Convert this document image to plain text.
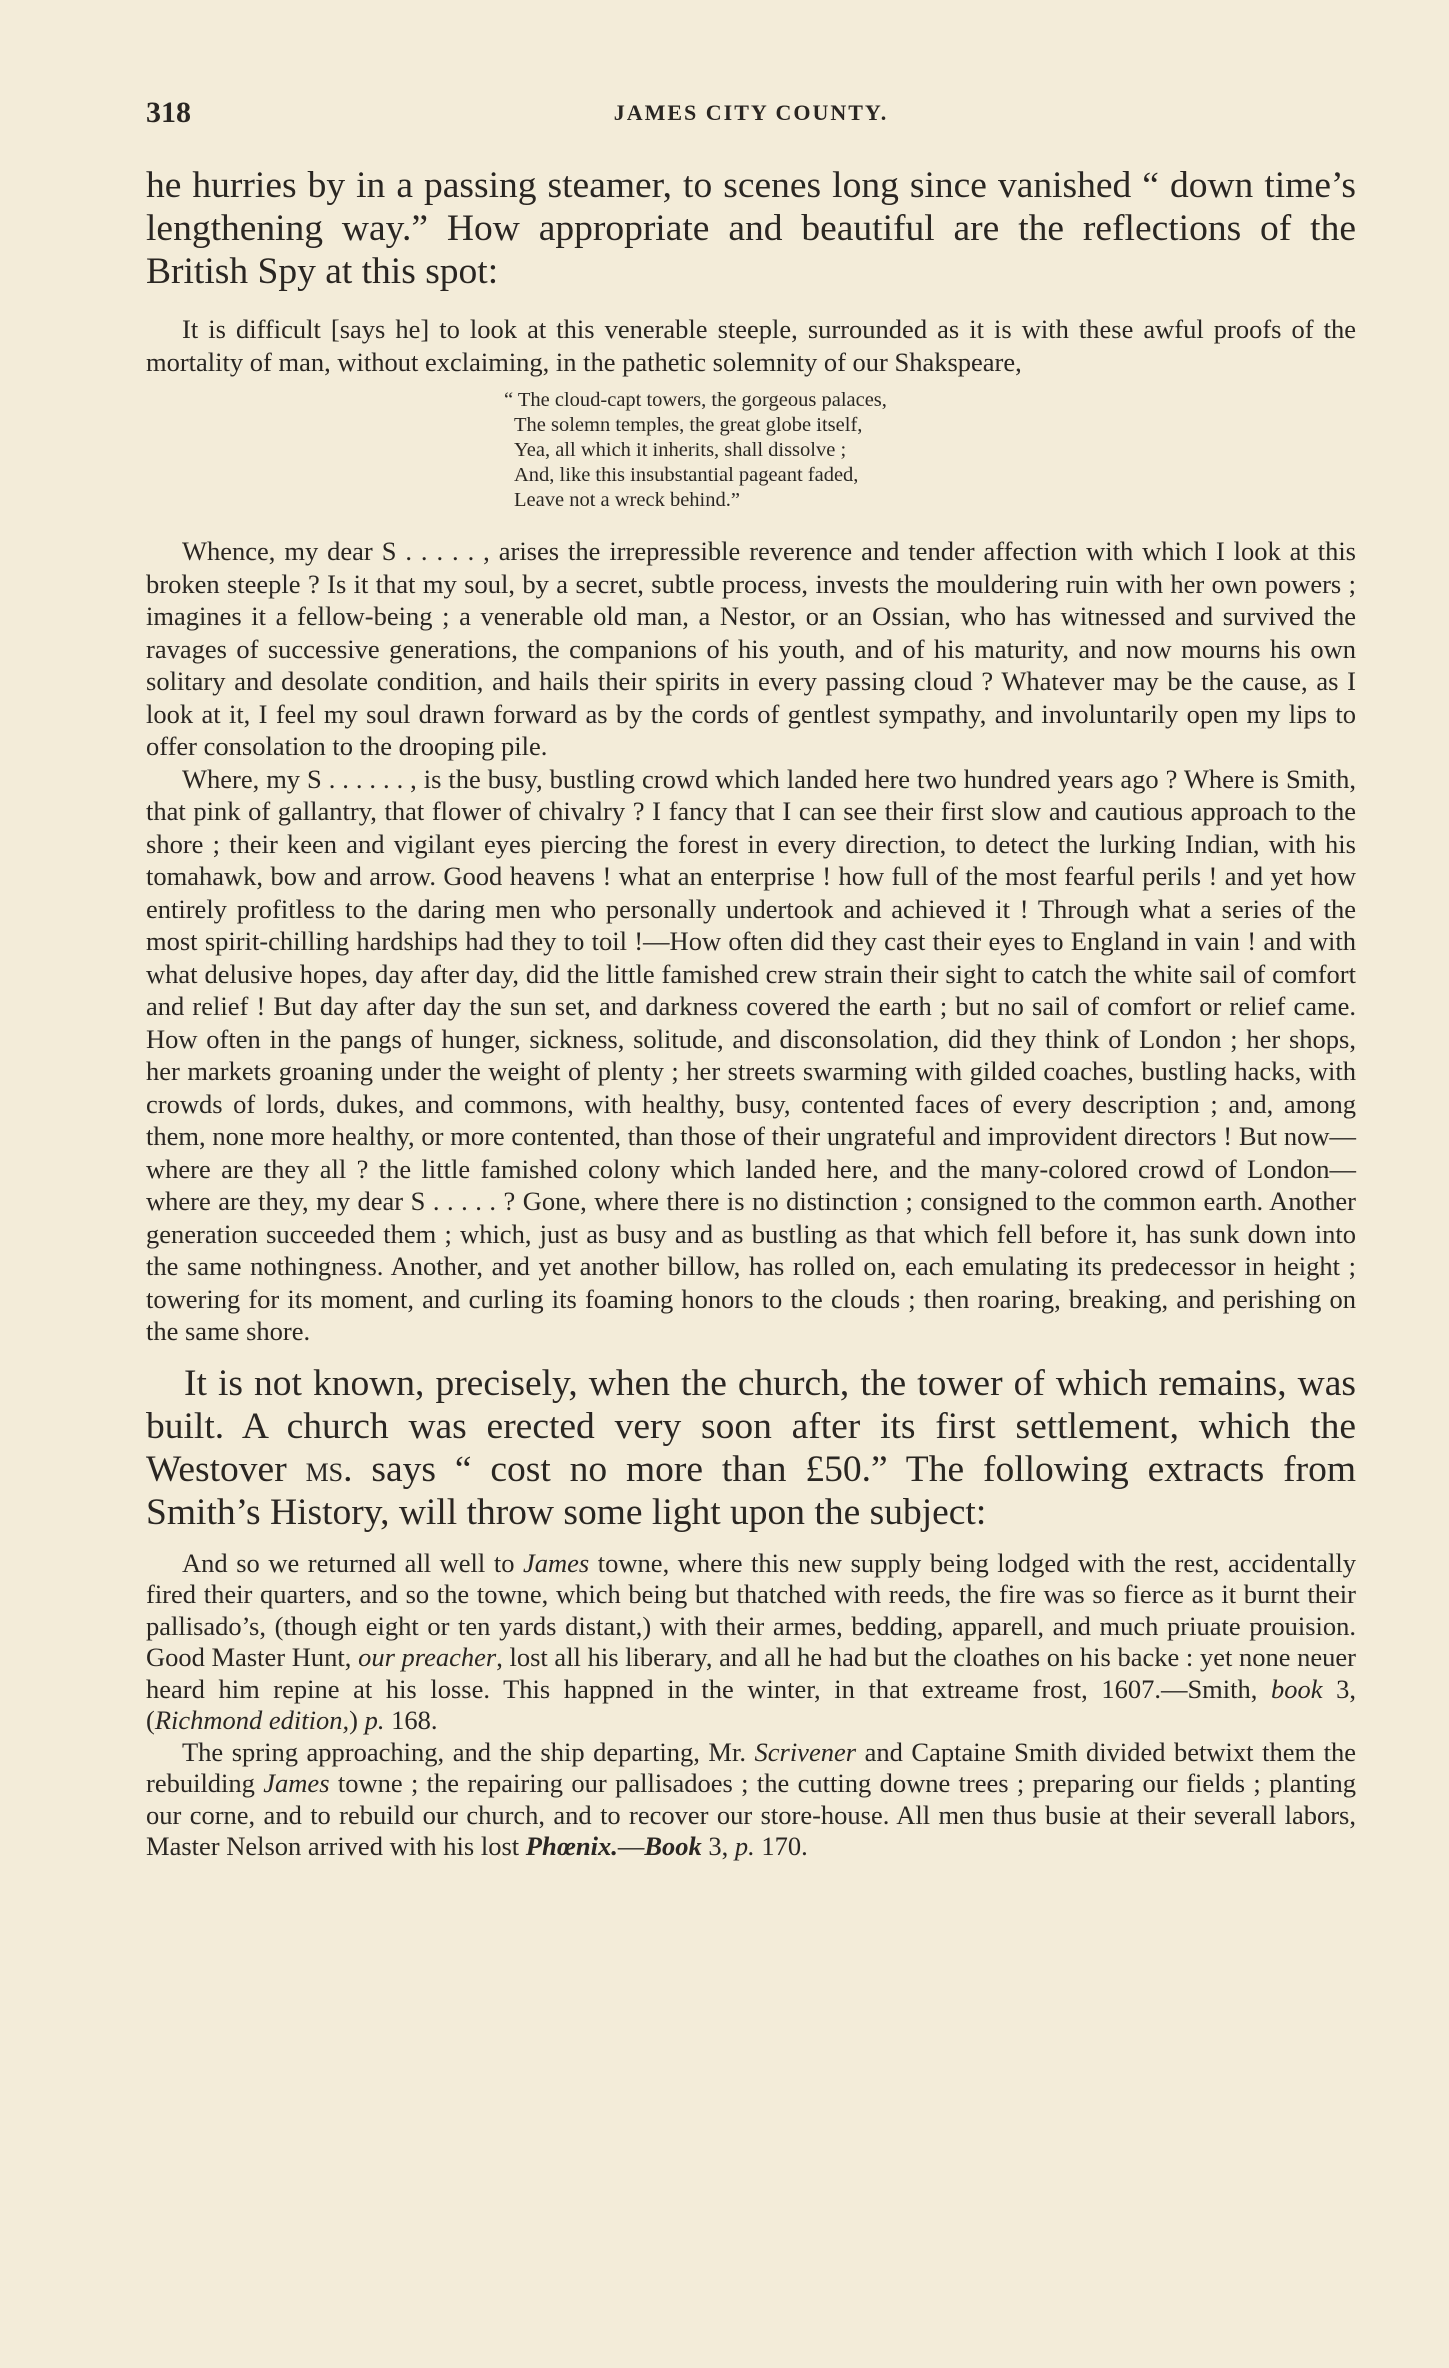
318	JAMES CITY COUNTY.

he hurries by in a passing steamer, to scenes long since vanished “ down time’s lengthening way.” How appropriate and beautiful are the reflections of the British Spy at this spot:

It is difficult [says he] to look at this venerable steeple, surrounded as it is with these awful proofs of the mortality of man, without exclaiming, in the pathetic solemnity of our Shakspeare,

“ The cloud-capt towers, the gorgeous palaces,
The solemn temples, the great globe itself,
Yea, all which it inherits, shall dissolve ;
And, like this insubstantial pageant faded,
Leave not a wreck behind.”

Whence, my dear S . . . . . , arises the irrepressible reverence and tender affection with which I look at this broken steeple ? Is it that my soul, by a secret, subtle process, invests the mouldering ruin with her own powers ; imagines it a fellow-being ; a venerable old man, a Nestor, or an Ossian, who has witnessed and survived the ravages of successive generations, the companions of his youth, and of his maturity, and now mourns his own solitary and desolate condition, and hails their spirits in every passing cloud ? Whatever may be the cause, as I look at it, I feel my soul drawn forward as by the cords of gentlest sympathy, and involuntarily open my lips to offer consolation to the drooping pile.

Where, my S . . . . . . , is the busy, bustling crowd which landed here two hundred years ago ? Where is Smith, that pink of gallantry, that flower of chivalry ? I fancy that I can see their first slow and cautious approach to the shore ; their keen and vigilant eyes piercing the forest in every direction, to detect the lurking Indian, with his tomahawk, bow and arrow. Good heavens ! what an enterprise ! how full of the most fearful perils ! and yet how entirely profitless to the daring men who personally undertook and achieved it ! Through what a series of the most spirit-chilling hardships had they to toil !—How often did they cast their eyes to England in vain ! and with what delusive hopes, day after day, did the little famished crew strain their sight to catch the white sail of comfort and relief ! But day after day the sun set, and darkness covered the earth ; but no sail of comfort or relief came. How often in the pangs of hunger, sickness, solitude, and disconsolation, did they think of London ; her shops, her markets groaning under the weight of plenty ; her streets swarming with gilded coaches, bustling hacks, with crowds of lords, dukes, and commons, with healthy, busy, contented faces of every description ; and, among them, none more healthy, or more contented, than those of their ungrateful and improvident directors ! But now—where are they all ? the little famished colony which landed here, and the many-colored crowd of London—where are they, my dear S . . . . . ? Gone, where there is no distinction ; consigned to the common earth. Another generation succeeded them ; which, just as busy and as bustling as that which fell before it, has sunk down into the same nothingness. Another, and yet another billow, has rolled on, each emulating its predecessor in height ; towering for its moment, and curling its foaming honors to the clouds ; then roaring, breaking, and perishing on the same shore.

It is not known, precisely, when the church, the tower of which remains, was built. A church was erected very soon after its first settlement, which the Westover ms. says “ cost no more than £50.” The following extracts from Smith’s History, will throw some light upon the subject:

And so we returned all well to James towne, where this new supply being lodged with the rest, accidentally fired their quarters, and so the towne, which being but thatched with reeds, the fire was so fierce as it burnt their pallisado’s, (though eight or ten yards distant,) with their armes, bedding, apparell, and much priuate prouision. Good Master Hunt, our preacher, lost all his liberary, and all he had but the cloathes on his backe : yet none neuer heard him repine at his losse. This happned in the winter, in that extreame frost, 1607.—Smith, book 3, (Richmond edition,) p. 168.

The spring approaching, and the ship departing, Mr. Scrivener and Captaine Smith divided betwixt them the rebuilding James towne ; the repairing our pallisadoes ; the cutting downe trees ; preparing our fields ; planting our corne, and to rebuild our church, and to recover our store-house. All men thus busie at their severall labors, Master Nelson arrived with his lost Phœnix.—Book 3, p. 170.
